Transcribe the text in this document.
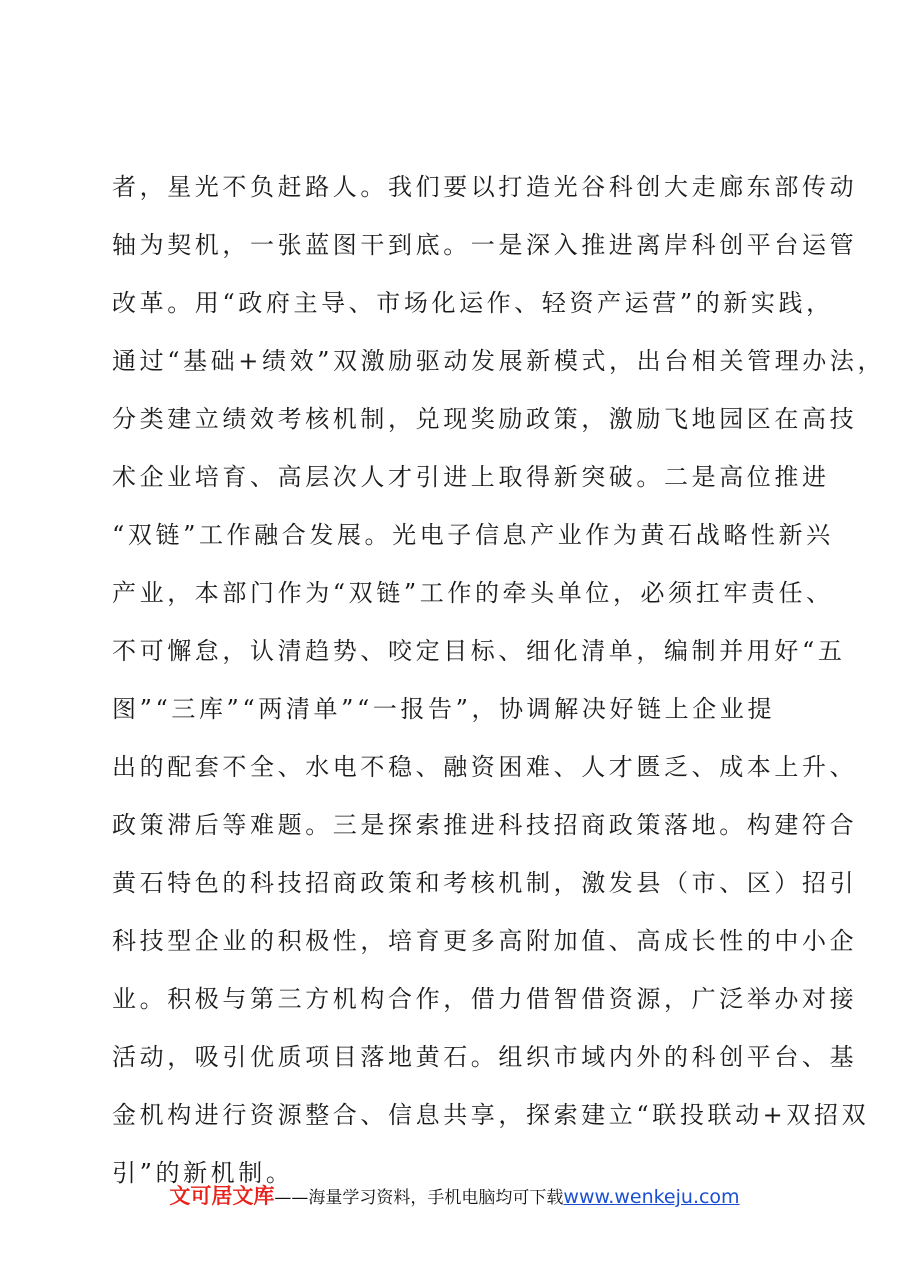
者，星光不负赶路人。我们要以打造光谷科创大走廊东部传动
轴为契机，一张蓝图干到底。一是深入推进离岸科创平台运管
改革。用“政府主导、市场化运作、轻资产运营”的新实践，
通过“基础+绩效”双激励驱动发展新模式，出台相关管理办法，
分类建立绩效考核机制，兑现奖励政策，激励飞地园区在高技
术企业培育、高层次人才引进上取得新突破。二是高位推进
“双链”工作融合发展。光电子信息产业作为黄石战略性新兴
产业，本部门作为“双链”工作的牵头单位，必须扛牢责任、
不可懈怠，认清趋势、咬定目标、细化清单，编制并用好“五
图”“三库”“两清单”“一报告”，协调解决好链上企业提
出的配套不全、水电不稳、融资困难、人才匮乏、成本上升、
政策滞后等难题。三是探索推进科技招商政策落地。构建符合
黄石特色的科技招商政策和考核机制，激发县（市、区）招引
科技型企业的积极性，培育更多高附加值、高成长性的中小企
业。积极与第三方机构合作，借力借智借资源，广泛举办对接
活动，吸引优质项目落地黄石。组织市域内外的科创平台、基
金机构进行资源整合、信息共享，探索建立“联投联动+双招双
引”的新机制。
文可居文库——海量学习资料，手机电脑均可下载www.wenkeju.com
